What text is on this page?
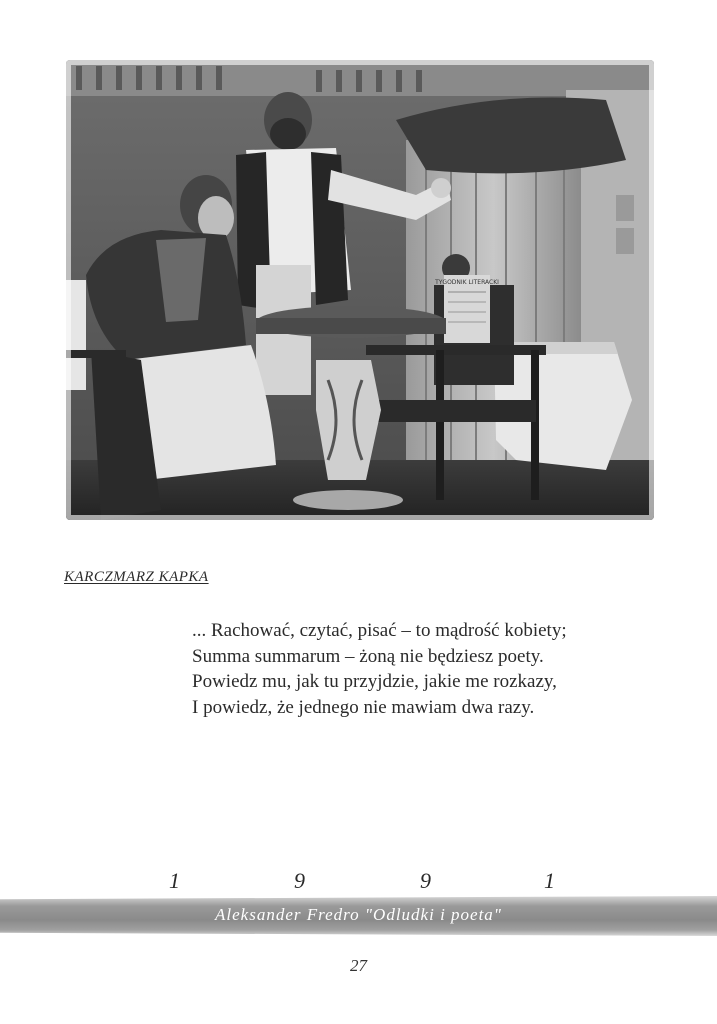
TYGODNIK LITERACKI
KARCZMARZ KAPKA
... Rachować, czytać, pisać – to mądrość kobiety;
Summa summarum – żoną nie będziesz poety.
Powiedz mu, jak tu przyjdzie, jakie me rozkazy,
I powiedz, że jednego nie mawiam dwa razy.
1	9	9	1
Aleksander Fredro "Odludki i poeta"
27
